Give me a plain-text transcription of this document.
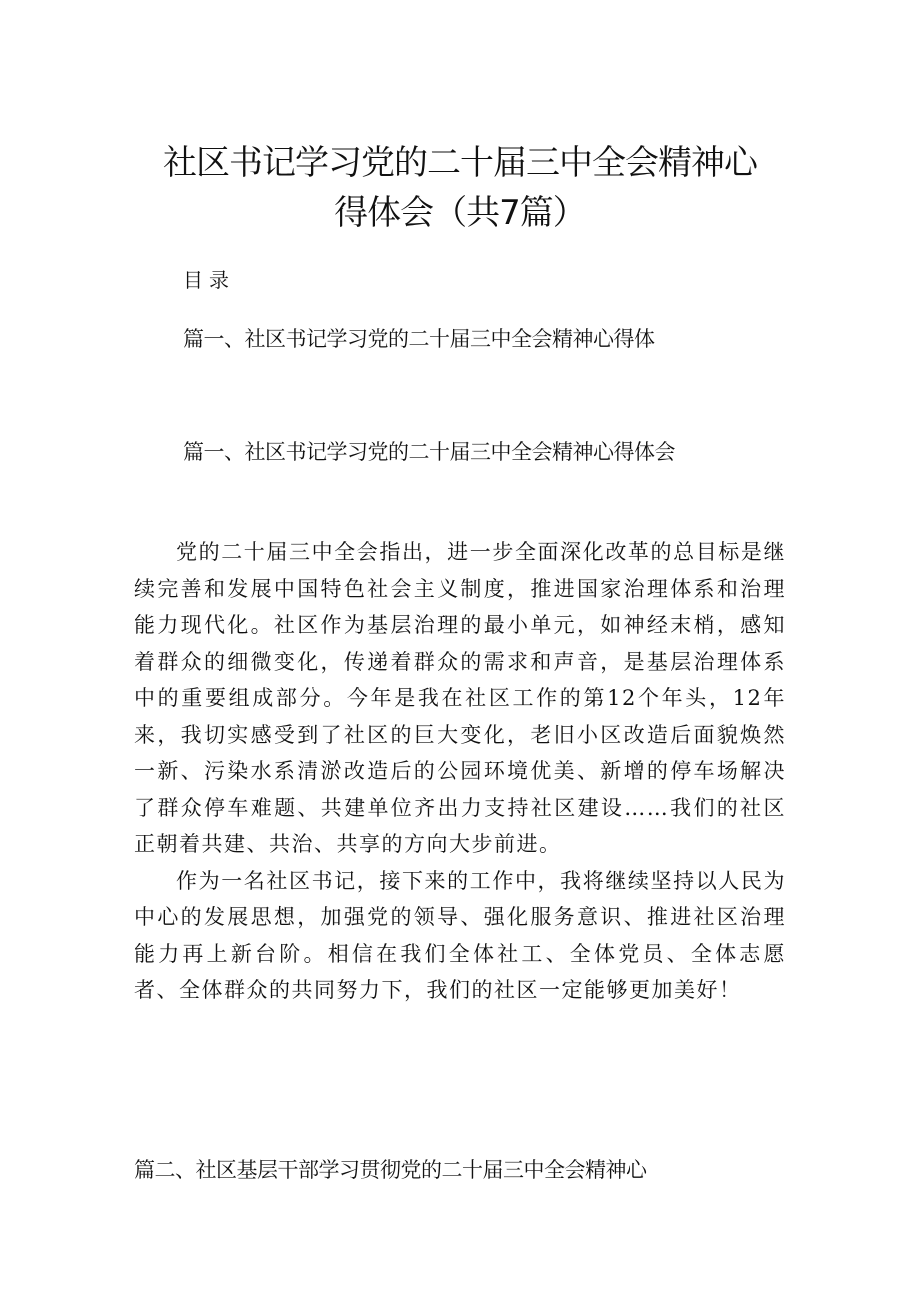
社区书记学习党的二十届三中全会精神心
得体会（共7篇）
目录
篇一、社区书记学习党的二十届三中全会精神心得体
篇一、社区书记学习党的二十届三中全会精神心得体会

党的二十届三中全会指出，进一步全面深化改革的总目标是继续完善和发展中国特色社会主义制度，推进国家治理体系和治理能力现代化。社区作为基层治理的最小单元，如神经末梢，感知着群众的细微变化，传递着群众的需求和声音，是基层治理体系中的重要组成部分。今年是我在社区工作的第12个年头，12年来，我切实感受到了社区的巨大变化，老旧小区改造后面貌焕然一新、污染水系清淤改造后的公园环境优美、新增的停车场解决了群众停车难题、共建单位齐出力支持社区建设……我们的社区正朝着共建、共治、共享的方向大步前进。

作为一名社区书记，接下来的工作中，我将继续坚持以人民为中心的发展思想，加强党的领导、强化服务意识、推进社区治理能力再上新台阶。相信在我们全体社工、全体党员、全体志愿者、全体群众的共同努力下，我们的社区一定能够更加美好！

篇二、社区基层干部学习贯彻党的二十届三中全会精神心
